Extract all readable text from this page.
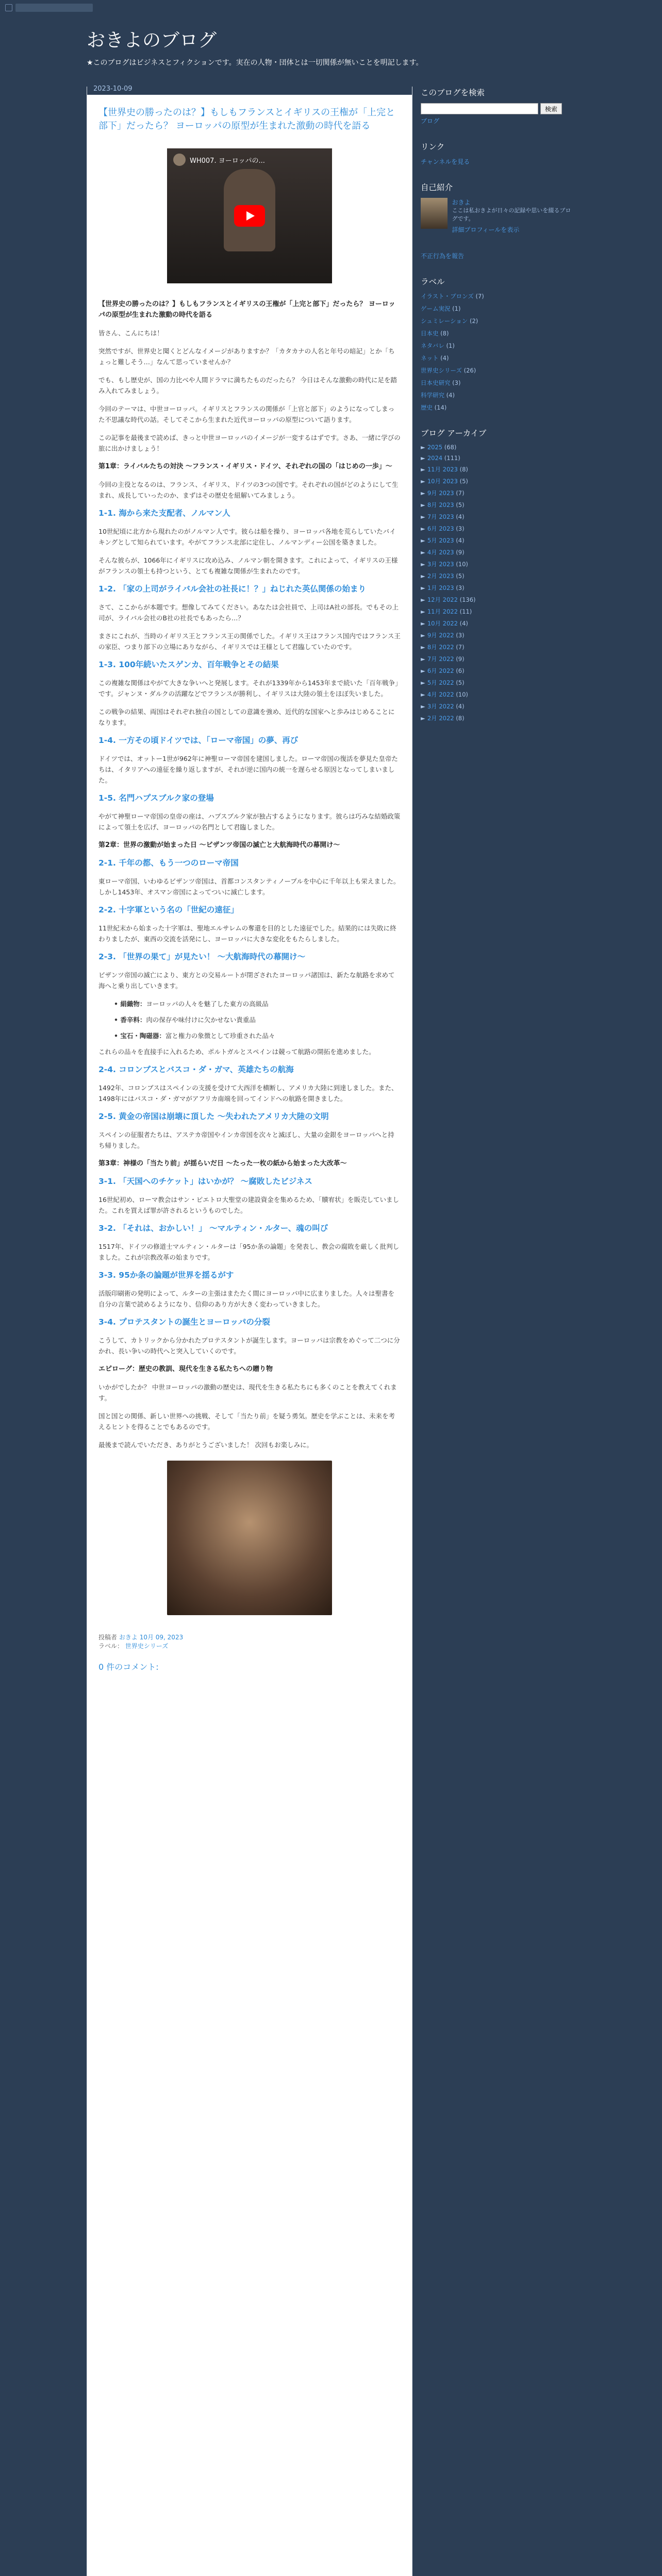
おきよのブログ
★このブログはビジネスとフィクションです。実在の人物・団体とは一切関係が無いことを明記します。
2023-10-09
【世界史の勝ったのは？】もしもフランスとイギリスの王権が「上完と部下」だったら？ ヨーロッパの原型が生まれた激動の時代を語る
WH007. ヨーロッパの...

【世界史の勝ったのは？】もしもフランスとイギリスの王権が「上完と部下」だったら？ ヨーロッパの原型が生まれた激動の時代を語る

皆さん、こんにちは！

突然ですが、世界史と聞くとどんなイメージがありますか？「カタカナの人名と年号の暗記」とか「ちょっと難しそう…」なんて思っていませんか？

でも、もし歴史が、国の力比べや人間ドラマに満ちたものだったら？ 今日はそんな激動の時代に足を踏み入れてみましょう。

今回のテーマは、中世ヨーロッパ。イギリスとフランスの関係が「上官と部下」のようになってしまった不思議な時代の話。そしてそこから生まれた近代ヨーロッパの原型について語ります。

この記事を最後まで読めば、きっと中世ヨーロッパのイメージが一変するはずです。さあ、一緒に学びの旅に出かけましょう！

第1章：ライバルたちの対決 〜フランス・イギリス・ドイツ、それぞれの国の「はじめの一歩」〜

今回の主役となるのは、フランス、イギリス、ドイツの3つの国です。それぞれの国がどのようにして生まれ、成長していったのか、まずはその歴史を紐解いてみましょう。

1-1. 海から来た支配者、ノルマン人

10世紀頃に北方から現れたのがノルマン人です。彼らは船を操り、ヨーロッパ各地を荒らしていたバイキングとして知られています。やがてフランス北部に定住し、ノルマンディー公国を築きました。

そんな彼らが、1066年にイギリスに攻め込み、ノルマン朝を開きます。これによって、イギリスの王様がフランスの領土も持つという、とても複雑な関係が生まれたのです。

1-2. 「家の上司がライバル会社の社長に！？」ねじれた英仏関係の始まり

さて、ここからが本題です。想像してみてください。あなたは会社員で、上司はA社の部長。でもその上司が、ライバル会社のB社の社長でもあったら…？

まさにこれが、当時のイギリス王とフランス王の関係でした。イギリス王はフランス国内ではフランス王の家臣、つまり部下の立場にありながら、イギリスでは王様として君臨していたのです。

1-3. 100年続いたスゲンカ、百年戦争とその結果

この複雑な関係はやがて大きな争いへと発展します。それが1339年から1453年まで続いた「百年戦争」です。ジャンヌ・ダルクの活躍などでフランスが勝利し、イギリスは大陸の領土をほぼ失いました。

この戦争の結果、両国はそれぞれ独自の国としての意識を強め、近代的な国家へと歩みはじめることになります。

1-4. 一方その頃ドイツでは、「ローマ帝国」の夢、再び

ドイツでは、オットー1世が962年に神聖ローマ帝国を建国しました。ローマ帝国の復活を夢見た皇帝たちは、イタリアへの遠征を繰り返しますが、それが逆に国内の統一を遅らせる原因となってしまいました。

1-5. 名門ハプスブルク家の登場

やがて神聖ローマ帝国の皇帝の座は、ハプスブルク家が独占するようになります。彼らは巧みな結婚政策によって領土を広げ、ヨーロッパの名門として君臨しました。

第2章：世界の激動が始まった日 〜ビザンツ帝国の滅亡と大航海時代の幕開け〜

2-1. 千年の都、もう一つのローマ帝国

東ローマ帝国、いわゆるビザンツ帝国は、首都コンスタンティノープルを中心に千年以上も栄えました。しかし1453年、オスマン帝国によってついに滅亡します。

2-2. 十字軍という名の「世紀の遠征」

11世紀末から始まった十字軍は、聖地エルサレムの奪還を目的とした遠征でした。結果的には失敗に終わりましたが、東西の交流を活発にし、ヨーロッパに大きな変化をもたらしました。

2-3. 「世界の果て」が見たい！ 〜大航海時代の幕開け〜

ビザンツ帝国の滅亡により、東方との交易ルートが閉ざされたヨーロッパ諸国は、新たな航路を求めて海へと乗り出していきます。

• 絹織物：ヨーロッパの人々を魅了した東方の高級品
• 香辛料：肉の保存や味付けに欠かせない貴重品
• 宝石・陶磁器：富と権力の象徴として珍重された品々

これらの品々を直接手に入れるため、ポルトガルとスペインは競って航路の開拓を進めました。

2-4. コロンブスとバスコ・ダ・ガマ、英雄たちの航海

1492年、コロンブスはスペインの支援を受けて大西洋を横断し、アメリカ大陸に到達しました。また、1498年にはバスコ・ダ・ガマがアフリカ南端を回ってインドへの航路を開きました。

2-5. 黄金の帝国は崩壊に頂した 〜失われたアメリカ大陸の文明

スペインの征服者たちは、アステカ帝国やインカ帝国を次々と滅ぼし、大量の金銀をヨーロッパへと持ち帰りました。

第3章：神様の「当たり前」が揺らいだ日 〜たった一枚の紙から始まった大改革〜

3-1. 「天国へのチケット」はいかが？ 〜腐敗したビジネス

16世紀初め、ローマ教会はサン・ピエトロ大聖堂の建設資金を集めるため、「贖宥状」を販売していました。これを買えば罪が許されるというものでした。

3-2. 「それは、おかしい！」 〜マルティン・ルター、魂の叫び

1517年、ドイツの修道士マルティン・ルターは「95か条の論題」を発表し、教会の腐敗を厳しく批判しました。これが宗教改革の始まりです。

3-3. 95か条の論題が世界を揺るがす

活版印刷術の発明によって、ルターの主張はまたたく間にヨーロッパ中に広まりました。人々は聖書を自分の言葉で読めるようになり、信仰のあり方が大きく変わっていきました。

3-4. プロテスタントの誕生とヨーロッパの分裂

こうして、カトリックから分かれたプロテスタントが誕生します。ヨーロッパは宗教をめぐって二つに分かれ、長い争いの時代へと突入していくのです。

エピローグ：歴史の教訓、現代を生きる私たちへの贈り物

いかがでしたか？ 中世ヨーロッパの激動の歴史は、現代を生きる私たちにも多くのことを教えてくれます。

国と国との関係、新しい世界への挑戦、そして「当たり前」を疑う勇気。歴史を学ぶことは、未来を考えるヒントを得ることでもあるのです。

最後まで読んでいただき、ありがとうございました！ 次回もお楽しみに。

投稿者 おきよ 10月 09, 2023
ラベル： 世界史シリーズ
0 件のコメント:
このブログを検索
検索
ブログ
リンク
チャンネルを見る
自己紹介
おきよ
ここは私おきよが日々の記録や思いを綴るブログです。
詳細プロフィールを表示
不正行為を報告
ラベル
イラスト・ブロンズ (7)
ゲーム実況 (1)
シュミレーション (2)
日本史 (8)
ネタバレ (1)
ネット (4)
世界史シリーズ (26)
日本史研究 (3)
科学研究 (4)
歴史 (14)
ブログ アーカイブ
► 2025 (68)
► 2024 (111)
► 11月 2023 (8)
► 10月 2023 (5)
► 9月 2023 (7)
► 8月 2023 (5)
► 7月 2023 (4)
► 6月 2023 (3)
► 5月 2023 (4)
► 4月 2023 (9)
► 3月 2023 (10)
► 2月 2023 (5)
► 1月 2023 (3)
► 12月 2022 (136)
► 11月 2022 (11)
► 10月 2022 (4)
► 9月 2022 (3)
► 8月 2022 (7)
► 7月 2022 (9)
► 6月 2022 (6)
► 5月 2022 (5)
► 4月 2022 (10)
► 3月 2022 (4)
► 2月 2022 (8)
